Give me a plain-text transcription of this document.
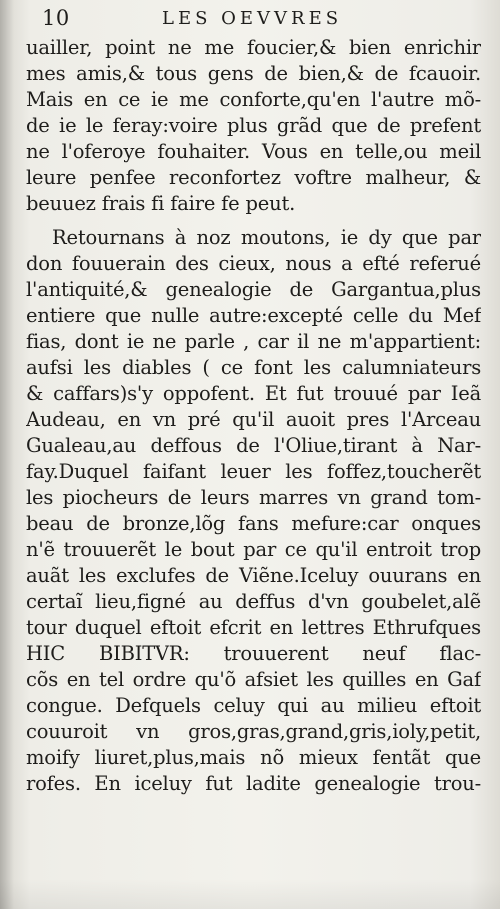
10	LES OEVVRES
uailler, point ne me foucier,& bien enrichir
mes amis,& tous gens de bien,& de fcauoir.
Mais en ce ie me conforte,qu'en l'autre mõ-
de ie le feray:voire plus grãd que de prefent
ne l'oferoye fouhaiter. Vous en telle,ou meil
leure penfee reconfortez voftre malheur, &
beuuez frais fi faire fe peut.
Retournans à noz moutons, ie dy que par
don fouuerain des cieux, nous a efté referué
l'antiquité,& genealogie de Gargantua,plus
entiere que nulle autre:excepté celle du Mef
fias, dont ie ne parle , car il ne m'appartient:
aufsi les diables ( ce font les calumniateurs
& caffars)s'y oppofent. Et fut trouué par Ieã
Audeau, en vn pré qu'il auoit pres l'Arceau
Gualeau,au deffous de l'Oliue,tirant à Nar-
fay.Duquel faifant leuer les foffez,toucherẽt
les piocheurs de leurs marres vn grand tom-
beau de bronze,lõg fans mefure:car onques
n'ẽ trouuerẽt le bout par ce qu'il entroit trop
auãt les exclufes de Viẽne.Iceluy ouurans en
certaĩ lieu,figné au deffus d'vn goubelet,alẽ
tour duquel eftoit efcrit en lettres Ethrufques
HIC BIBITVR: trouuerent neuf flac-
cõs en tel ordre qu'õ afsiet les quilles en Gaf
congue. Defquels celuy qui au milieu eftoit
couuroit vn gros,gras,grand,gris,ioly,petit,
moify liuret,plus,mais nõ mieux fentãt que
rofes. En iceluy fut ladite genealogie trou-
